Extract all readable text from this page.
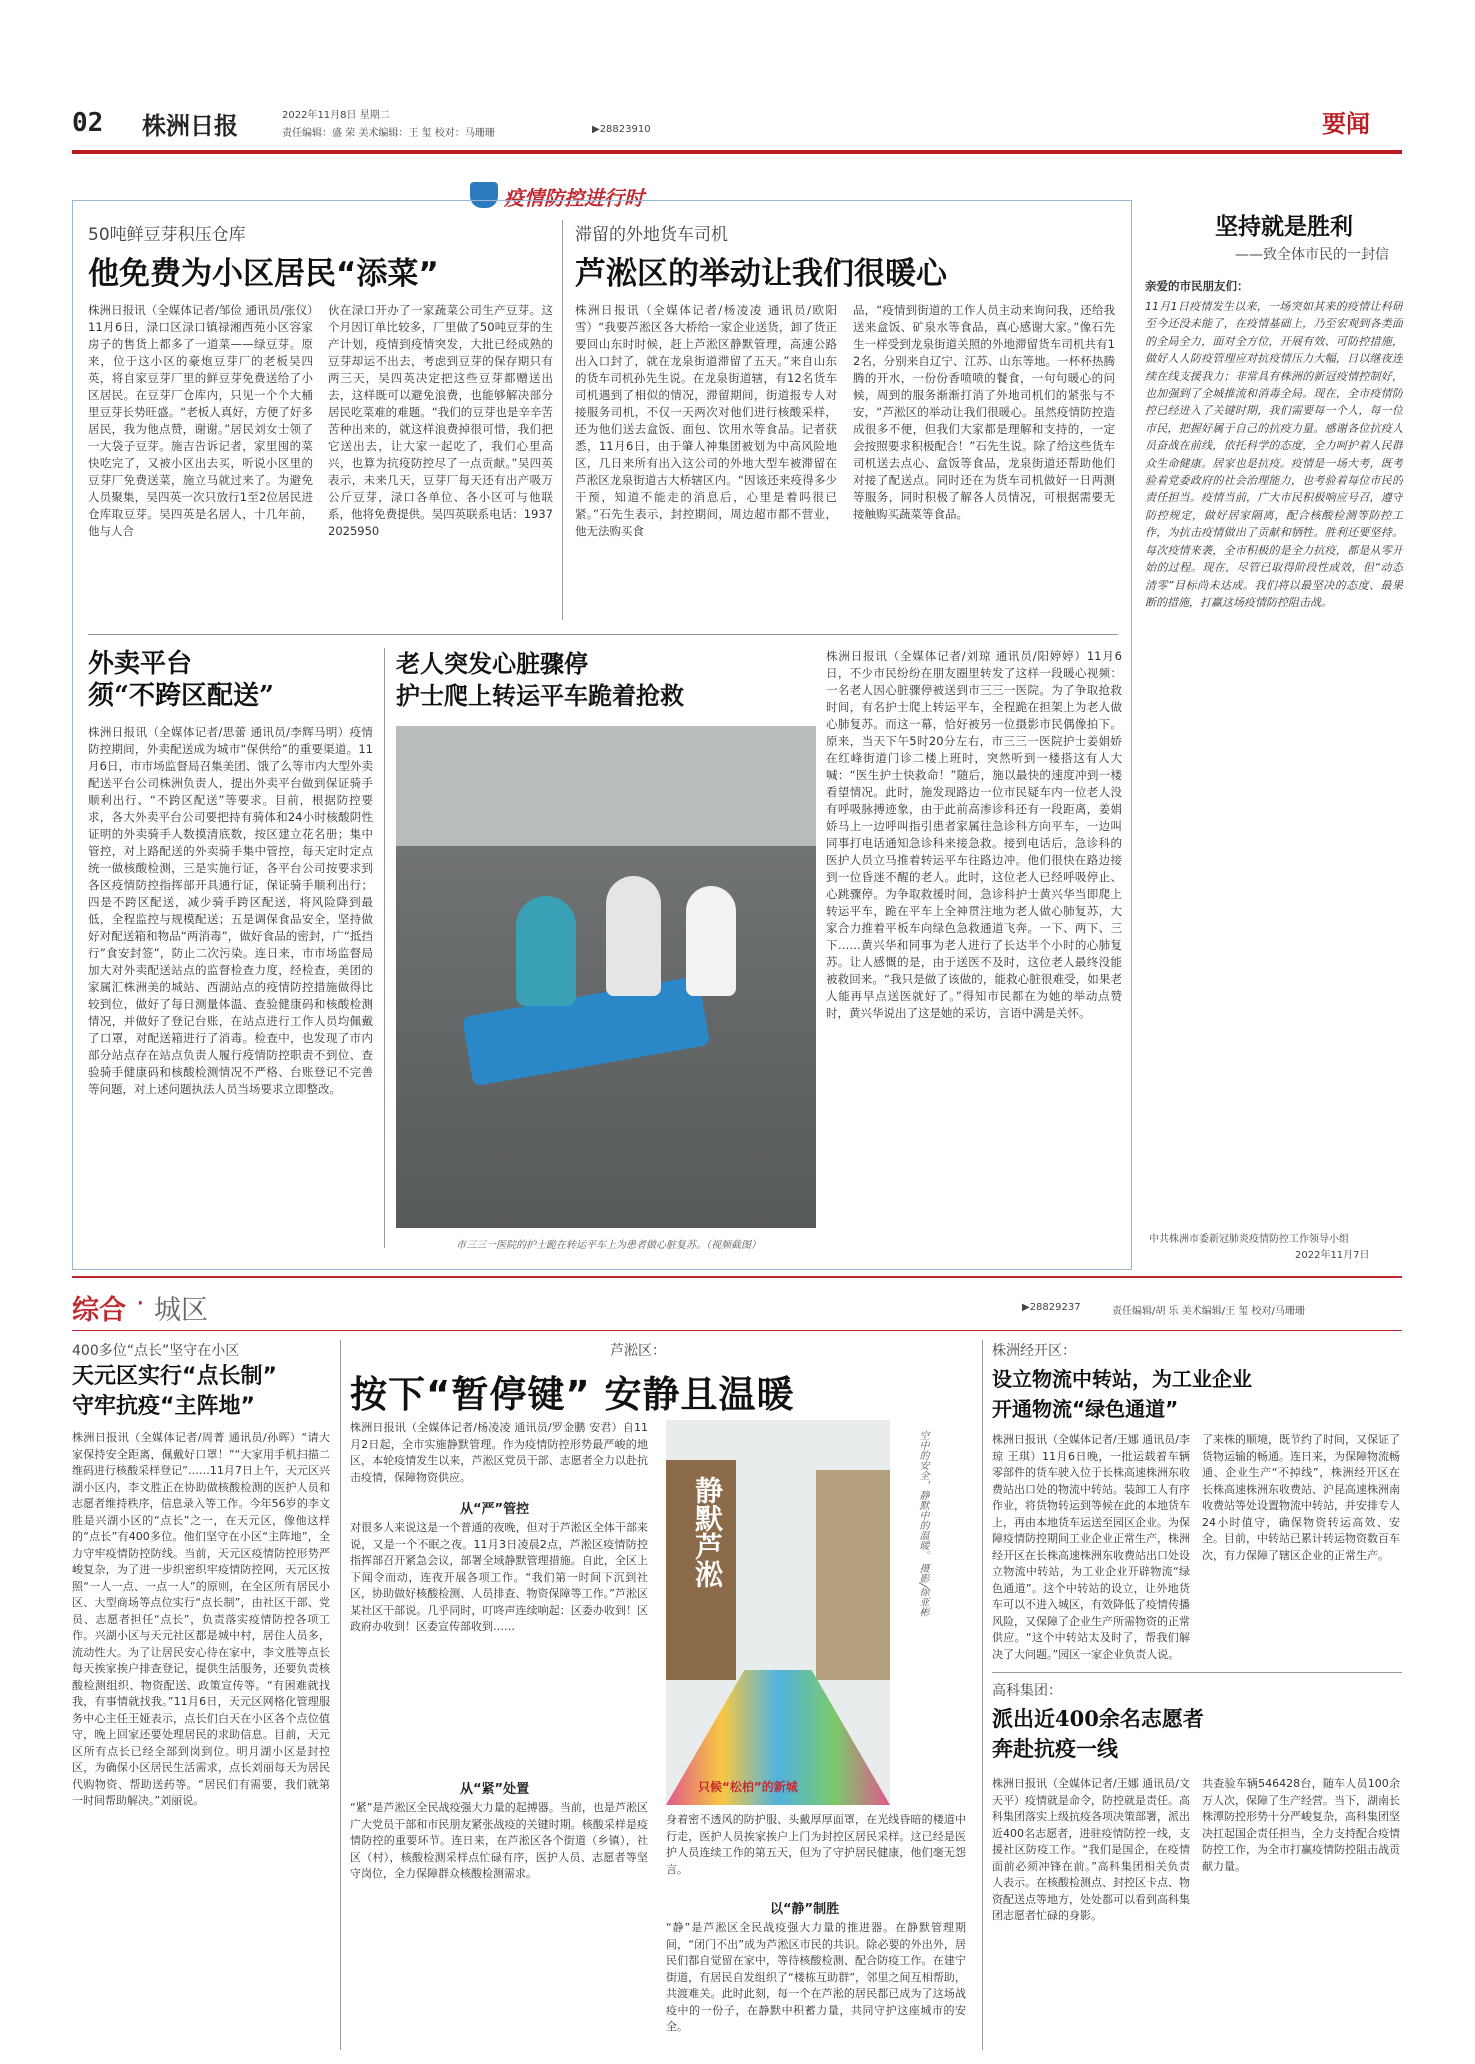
02 株洲日报	2022年11月8日 星期二
责任编辑：盛 荣 美术编辑：王 玺 校对：马珊珊	▶28823910	要闻
疫情防控进行时
50吨鲜豆芽积压仓库
他免费为小区居民“添菜”
株洲日报讯（全媒体记者/邹俭 通讯员/张仪）11月6日，渌口区渌口镇禄湘西苑小区容家房子的售货上都多了一道菜——绿豆芽。原来，位于这小区的豪炮豆芽厂的老板吴四英，将自家豆芽厂里的鲜豆芽免费送给了小区居民。在豆芽厂仓库内，只见一个个大桶里豆芽长势旺盛。“老板人真好，方便了好多居民，我为他点赞，谢谢。”居民刘女士领了一大袋子豆芽。施吉告诉记者，家里囤的菜快吃完了，又被小区出去买，听说小区里的豆芽厂免费送菜，施立马就过来了。为避免人员聚集，吴四英一次只放行1至2位居民进仓库取豆芽。吴四英是名居人，十几年前，他与人合
伙在渌口开办了一家蔬菜公司生产豆芽。这个月因订单比较多，厂里做了50吨豆芽的生产计划，疫情到疫情突发，大批已经成熟的豆芽却运不出去，考虑到豆芽的保存期只有两三天，吴四英决定把这些豆芽都赠送出去，这样既可以避免浪费，也能够解决部分居民吃菜难的难题。“我们的豆芽也是辛辛苦苦种出来的，就这样浪费掉很可惜，我们把它送出去，让大家一起吃了，我们心里高兴，也算为抗疫防控尽了一点贡献。”吴四英表示，未来几天，豆芽厂每天还有出产吸万公斤豆芽，渌口各单位、各小区可与他联系，他将免费提供。吴四英联系电话：19372025950
滞留的外地货车司机
芦淞区的举动让我们很暖心
株洲日报讯（全媒体记者/杨凌凌 通讯员/欧阳雪）“我要芦淞区各大桥给一家企业送货，卸了货正要回山东时时候，赶上芦淞区静默管理，高速公路出入口封了，就在龙泉街道滞留了五天。”来自山东的货车司机孙先生说。在龙泉街道辖，有12名货车司机遇到了相似的情况，滞留期间，街道报专人对接服务司机，不仅一天两次对他们进行核酸采样，还为他们送去盒饭、面包、饮用水等食品。记者获悉，11月6日，由于肇人神集团被划为中高风险地区，几日来所有出入这公司的外地大型车被滞留在芦淞区龙泉街道古大桥辖区内。“因该还来疫得多少干预，知道不能走的消息后，心里是着吗很已紧。”石先生表示，封控期间，周边超市都不营业，他无法购买食
品，“疫情到街道的工作人员主动来询问我，还给我送来盒饭、矿泉水等食品，真心感谢大家。”像石先生一样受到龙泉街道关照的外地滞留货车司机共有12名，分别来自辽宁、江苏、山东等地。一杯杯热腾腾的开水，一份份香喷喷的餐食，一句句暖心的问候，周到的服务渐渐打消了外地司机们的紧张与不安，“芦淞区的举动让我们很暖心。虽然疫情防控造成很多不便，但我们大家都是理解和支持的，一定会按照要求积极配合！”石先生说。除了给这些货车司机送去点心、盒饭等食品，龙泉街道还帮助他们对接了配送点。同时还在为货车司机做好一日两测等服务，同时积极了解各人员情况，可根据需要无接触购买蔬菜等食品。
外卖平台
须“不跨区配送”
株洲日报讯（全媒体记者/思蕾 通讯员/李辉马明）疫情防控期间，外卖配送成为城市“保供给”的重要渠道。11月6日，市市场监督局召集美团、饿了么等市内大型外卖配送平台公司株洲负责人，提出外卖平台做到保证骑手顺利出行、“不跨区配送”等要求。目前，根据防控要求，各大外卖平台公司要把持有骑体和24小时核酸阴性证明的外卖骑手人数摸清底数，按区建立花名册；集中管控，对上路配送的外卖骑手集中管控，每天定时定点统一做核酸检测，三是实施行证，各平台公司按要求到各区疫情防控指挥部开具通行证，保证骑手顺利出行；四是不跨区配送，减少骑手跨区配送，将风险降到最低，全程监控与规模配送；五是调保食品安全，坚持做好对配送箱和物品“两消毒”，做好食品的密封，广“抵挡行”食安封签”，防止二次污染。连日来，市市场监督局加大对外卖配送站点的监督检查力度，经检查，美团的家属汇株洲美的城站、西湖站点的疫情防控措施做得比较到位，做好了每日测量体温、查验健康码和核酸检测情况，并做好了登记台账，在站点进行工作人员均佩戴了口罩，对配送箱进行了消毒。检查中，也发现了市内部分站点存在站点负责人履行疫情防控职责不到位、查验骑手健康码和核酸检测情况不严格、台账登记不完善等问题，对上述问题执法人员当场要求立即整改。
老人突发心脏骤停
护士爬上转运平车跪着抢救
市三三一医院的护士跪在转运平车上为患者做心脏复苏。（视频截图）
株洲日报讯（全媒体记者/刘琼 通讯员/阳婷婷）11月6日，不少市民纷纷在朋友圈里转发了这样一段暖心视频：一名老人因心脏骤停被送到市三三一医院。为了争取抢救时间，有名护士爬上转运平车，全程跪在担架上为老人做心肺复苏。而这一幕，恰好被另一位摄影市民偶像拍下。原来，当天下午5时20分左右，市三三一医院护士姜娟娇在红峰街道门诊二楼上班时，突然听到一楼搭这有人大喊：“医生护士快救命！”随后，施以最快的速度冲到一楼看望情况。此时，施发现路边一位市民疑车内一位老人没有呼吸脉搏迹象，由于此前高渗诊科还有一段距离，姜娟娇马上一边呼叫指引患者家属往急诊科方向平车，一边叫同事打电话通知急诊科来接急救。接到电话后，急诊科的医护人员立马推着转运平车往路边冲。他们很快在路边接到一位昏迷不醒的老人。此时，这位老人已经呼吸停止、心跳骤停。为争取救援时间，急诊科护士黄兴华当即爬上转运平车，跪在平车上全神贯注地为老人做心肺复苏，大家合力推着平板车向绿色急救通道飞奔。一下、两下、三下……黄兴华和同事为老人进行了长达半个小时的心肺复苏。让人感慨的是，由于送医不及时，这位老人最终没能被救回来。“我只是做了该做的，能救心脏很难受，如果老人能再早点送医就好了。”得知市民都在为她的举动点赞时，黄兴华说出了这是她的采访，言语中满是关怀。
坚持就是胜利
——致全体市民的一封信
亲爱的市民朋友们：
11月1日疫情发生以来，一场突如其来的疫情让科研至今还没未能了，在疫情基础上，乃至宏观到各类面的全局全力，面对全方位，开展有效、可防控措施，做好人人防疫管理应对抗疫情压力大幅，日以继夜连续在线支援我力；非常具有株洲的新冠疫情控制好，也加强到了全城推流和消毒全局。现在，全市疫情防控已经进入了关键时期，我们需要每一个人，每一位市民，把握好属于自己的抗疫力量。感谢各位抗疫人员奋战在前线，依托科学的态度，全力呵护着人民群众生命健康。居家也是抗疫。疫情是一场大考，既考验着党委政府的社会治理能力，也考验着每位市民的责任担当。疫情当前，广大市民积极响应号召，遵守防控规定，做好居家隔离，配合核酸检测等防控工作，为抗击疫情做出了贡献和牺牲。胜利还要坚持。每次疫情来袭，全市积极的是全力抗疫，都是从零开始的过程。现在，尽管已取得阶段性成效，但“动态清零”目标尚未达成。我们将以最坚决的态度、最果断的措施，打赢这场疫情防控阻击战。
中共株洲市委新冠肺炎疫情防控工作领导小组
2022年11月7日
综合 · 城区	▶28829237	责任编辑/胡 乐 美术编辑/王 玺 校对/马珊珊
400多位“点长”坚守在小区
天元区实行“点长制”
守牢抗疫“主阵地”
株洲日报讯（全媒体记者/周菁 通讯员/孙晖）“请大家保持安全距离，佩戴好口罩！”“大家用手机扫描二维码进行核酸采样登记”……11月7日上午，天元区兴湖小区内，李文胜正在协助做核酸检测的医护人员和志愿者维持秩序，信息录入等工作。今年56岁的李文胜是兴湖小区的“点长”之一，在天元区，像他这样的“点长”有400多位。他们坚守在小区“主阵地”，全力守牢疫情防控防线。当前，天元区疫情防控形势严峻复杂，为了进一步织密织牢疫情防控网，天元区按照“一人一点、一点一人”的原则，在全区所有居民小区、大型商场等点位实行“点长制”，由社区干部、党员、志愿者担任“点长”，负责落实疫情防控各项工作。兴湖小区与天元社区都是城中村，居住人员多，流动性大。为了让居民安心待在家中，李文胜等点长每天挨家挨户排查登记，提供生活服务，还要负责核酸检测组织、物资配送、政策宣传等。“有困难就找我，有事情就找我。”11月6日，天元区网格化管理服务中心主任王娅表示，点长们白天在小区各个点位值守，晚上回家还要处理居民的求助信息。目前，天元区所有点长已经全部到岗到位。明月湖小区是封控区，为确保小区居民生活需求，点长刘丽每天为居民代购物资、帮助送药等。“居民们有需要，我们就第一时间帮助解决。”刘丽说。
芦淞区：
按下“暂停键” 安静且温暖
株洲日报讯（全媒体记者/杨凌凌 通讯员/罗金鹏 安君）自11月2日起，全市实施静默管理。作为疫情防控形势最严峻的地区，本轮疫情发生以来，芦淞区党员干部、志愿者全力以赴抗击疫情，保障物资供应。
从“严”管控
对很多人来说这是一个普通的夜晚，但对于芦淞区全体干部来说，又是一个不眠之夜。11月3日凌晨2点，芦淞区疫情防控指挥部召开紧急会议，部署全域静默管理措施。自此，全区上下闻令而动，连夜开展各项工作。“我们第一时间下沉到社区，协助做好核酸检测、人员排查、物资保障等工作。”芦淞区某社区干部说。几乎同时，叮咚声连续响起：区委办收到！区政府办收到！区委宣传部收到……
从“紧”处置
“紧”是芦淞区全民战疫强大力量的起搏器。当前，也是芦淞区广大党员干部和市民朋友紧张战疫的关键时期。核酸采样是疫情防控的重要环节。连日来，在芦淞区各个街道（乡镇），社区（村），核酸检测采样点忙碌有序，医护人员、志愿者等坚守岗位，全力保障群众核酸检测需求。
静默芦淞
只候“松柏”的新城
空中的安全，静默中的温暖。 摄影/徐亚彬
身着密不透风的防护服、头戴厚厚面罩，在光线昏暗的楼道中行走，医护人员挨家挨户上门为封控区居民采样。这已经是医护人员连续工作的第五天，但为了守护居民健康，他们毫无怨言。
以“静”制胜
“静”是芦淞区全民战疫强大力量的推进器。在静默管理期间，“闭门不出”成为芦淞区市民的共识。除必要的外出外，居民们都自觉留在家中，等待核酸检测、配合防疫工作。在建宁街道，有居民自发组织了“楼栋互助群”，邻里之间互相帮助，共渡难关。此时此刻，每一个在芦淞的居民都已成为了这场战疫中的一份子，在静默中积蓄力量，共同守护这座城市的安全。
株洲经开区：
设立物流中转站，为工业企业
开通物流“绿色通道”
株洲日报讯（全媒体记者/王娜 通讯员/李琼 王琪）11月6日晚，一批运载着车辆零部件的货车驶入位于长株高速株洲东收费站出口处的物流中转站。装卸工人有序作业，将货物转运到等候在此的本地货车上，再由本地货车运送至园区企业。为保障疫情防控期间工业企业正常生产，株洲经开区在长株高速株洲东收费站出口处设立物流中转站，为工业企业开辟物流“绿色通道”。这个中转站的设立，让外地货车可以不进入城区，有效降低了疫情传播风险，又保障了企业生产所需物资的正常供应。“这个中转站太及时了，帮我们解决了大问题。”园区一家企业负责人说。
了来株的顺境，既节约了时间，又保证了货物运输的畅通。连日来，为保障物流畅通、企业生产“不掉线”，株洲经开区在长株高速株洲东收费站、沪昆高速株洲南收费站等处设置物流中转站，并安排专人24小时值守，确保物资转运高效、安全。目前，中转站已累计转运物资数百车次，有力保障了辖区企业的正常生产。
高科集团：
派出近400余名志愿者
奔赴抗疫一线
株洲日报讯（全媒体记者/王娜 通讯员/文天平）疫情就是命令，防控就是责任。高科集团落实上级抗疫各项决策部署，派出近400名志愿者，进驻疫情防控一线，支援社区防疫工作。“我们是国企，在疫情面前必须冲锋在前。”高科集团相关负责人表示。在核酸检测点、封控区卡点、物资配送点等地方，处处都可以看到高科集团志愿者忙碌的身影。
共查验车辆546428台，随车人员100余万人次，保障了生产经营。当下，湖南长株潭防控形势十分严峻复杂，高科集团坚决扛起国企责任担当，全力支持配合疫情防控工作，为全市打赢疫情防控阻击战贡献力量。
